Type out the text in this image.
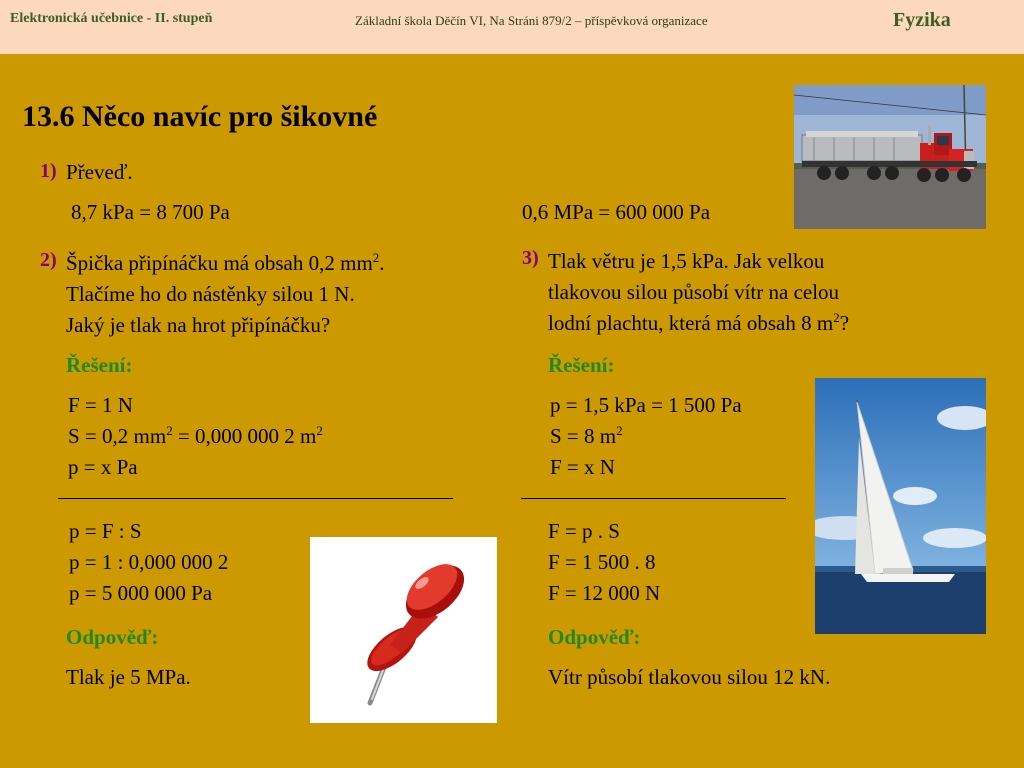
Elektronická učebnice - II. stupeň	Základní škola Děčín VI, Na Stráni 879/2 – příspěvková organizace	Fyzika
13.6 Něco navíc pro šikovné
1) Převeď.
8,7 kPa = 8 700 Pa	0,6 MPa = 600 000 Pa
2) Špička připínáčku má obsah 0,2 $mm^2$.
Tlačíme ho do nástěnky silou 1 N.
Jaký je tlak na hrot připínáčku?
Řešení:
F = 1 N
S = 0,2 $mm^2 = 0,000$ 000 2 $m^2$
p = x Pa
p = F : S
p = 1 : 0,000 000 2
p = 5 000 000 Pa
Odpověď:
Tlak je 5 MPa.
3) Tlak větru je 1,5 kPa. Jak velkou
tlakovou silou působí vítr na celou
lodní plachtu, která má obsah 8 $m^2$?
Řešení:
p = 1,5 kPa = 1 500 Pa
S = 8 $m^2$
F = x N
F = p . S
F = 1 500 . 8
F = 12 000 N
Odpověď:
Vítr působí tlakovou silou 12 kN.
